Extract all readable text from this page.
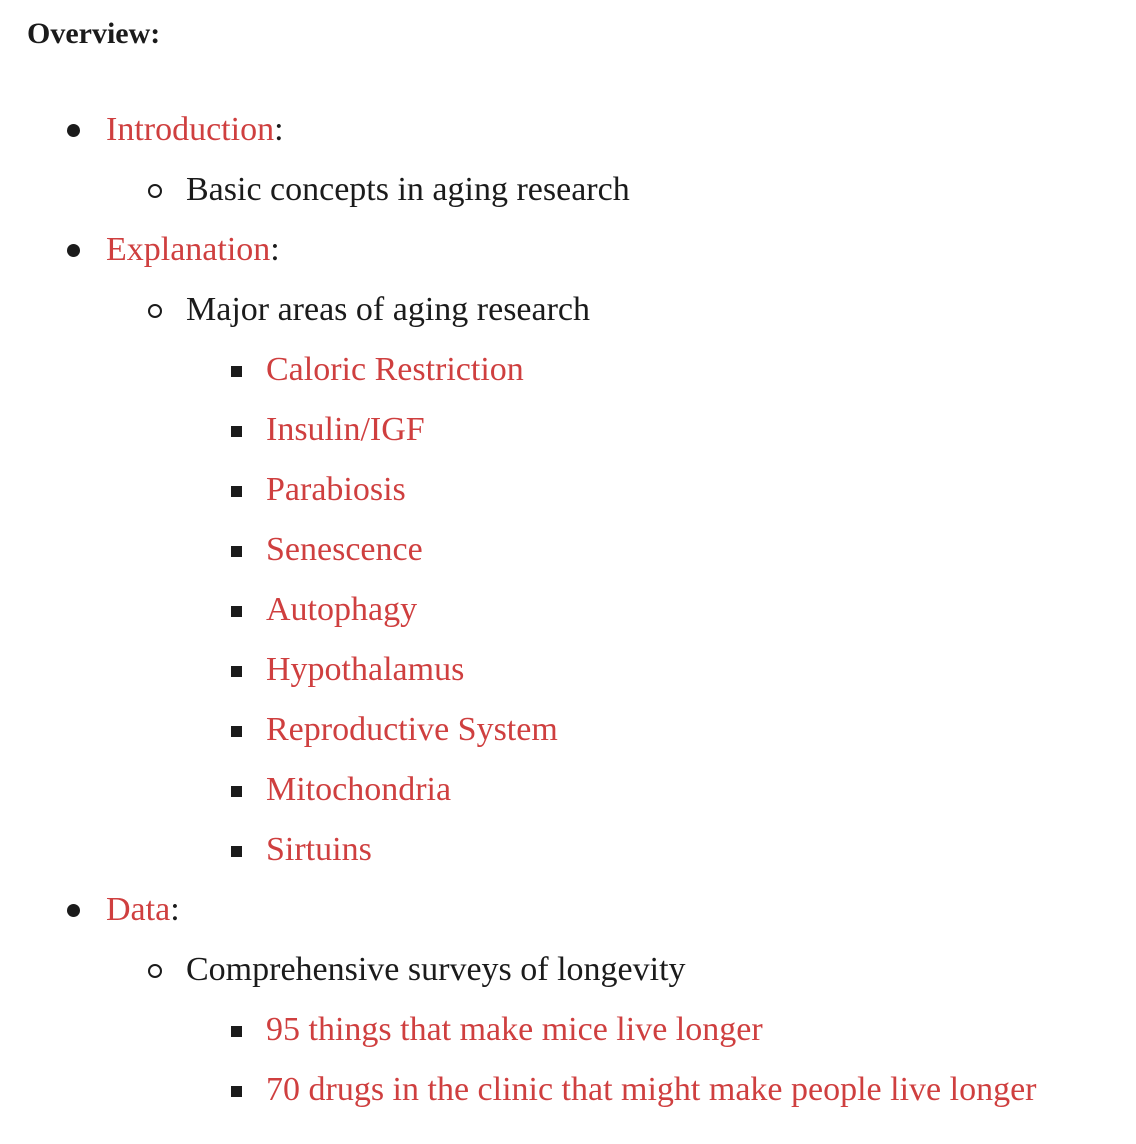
Overview:
Introduction:
Basic concepts in aging research
Explanation:
Major areas of aging research
Caloric Restriction
Insulin/IGF
Parabiosis
Senescence
Autophagy
Hypothalamus
Reproductive System
Mitochondria
Sirtuins
Data:
Comprehensive surveys of longevity
95 things that make mice live longer
70 drugs in the clinic that might make people live longer
